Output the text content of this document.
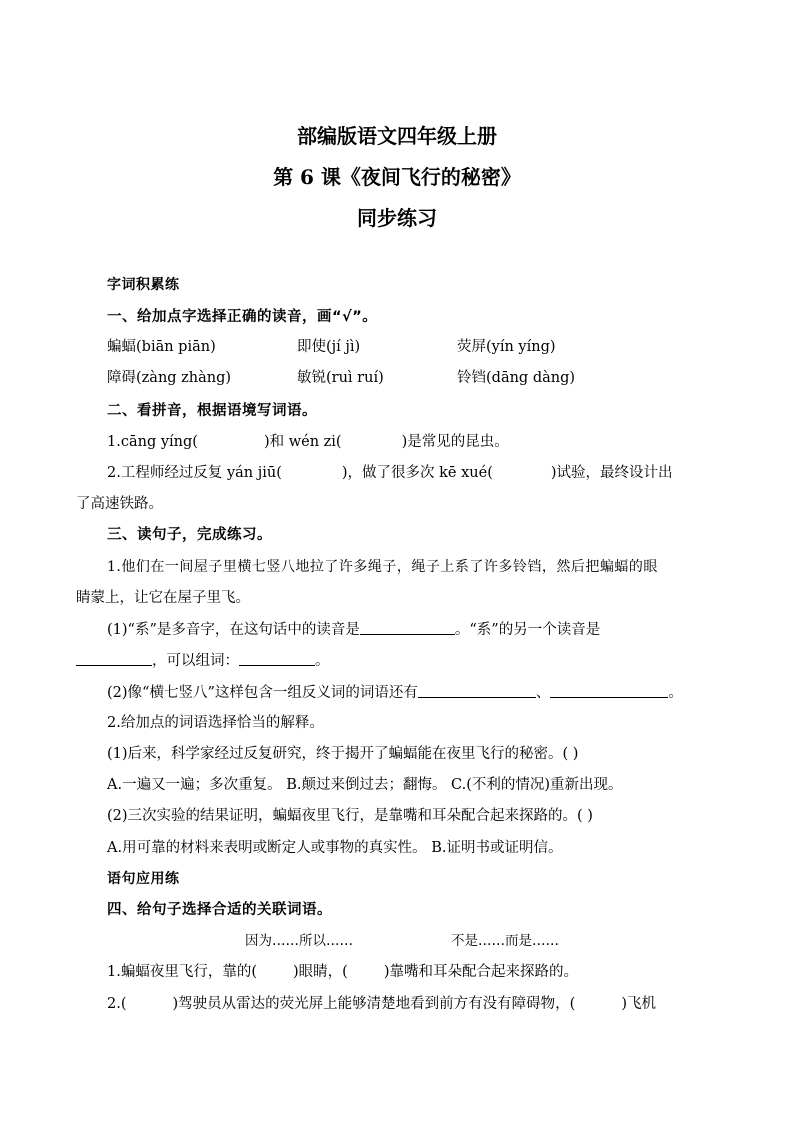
部编版语文四年级上册
第 6 课《夜间飞行的秘密》
同步练习
字词积累练
一、给加点字选择正确的读音，画“√”。
蝙蝠(biān piān)	即使(jí jì)	荧屏(yín yíng)
障碍(zàng zhàng)	敏锐(ruì ruí)	铃铛(dāng dàng)
二、看拼音，根据语境写词语。
1.cāng yíng(	)和 wén zi(	)是常见的昆虫。
2.工程师经过反复 yán jiū(	)，做了很多次 kē xué(	)试验，最终设计出
了高速铁路。
三、读句子，完成练习。
1.他们在一间屋子里横七竖八地拉了许多绳子，绳子上系了许多铃铛，然后把蝙蝠的眼
睛蒙上，让它在屋子里飞。
(1)“系”是多音字，在这句话中的读音是	。“系”的另一个读音是
，可以组词：	。
(2)像“横七竖八”这样包含一组反义词的词语还有	、	。
2.给加点的词语选择恰当的解释。
(1)后来，科学家经过反复研究，终于揭开了蝙蝠能在夜里飞行的秘密。( )
A.一遍又一遍；多次重复。 B.颠过来倒过去；翻悔。 C.(不利的情况)重新出现。
(2)三次实验的结果证明，蝙蝠夜里飞行，是靠嘴和耳朵配合起来探路的。( )
A.用可靠的材料来表明或断定人或事物的真实性。 B.证明书或证明信。
语句应用练
四、给句子选择合适的关联词语。
因为……所以……	不是……而是……
1.蝙蝠夜里飞行，靠的( )眼睛，( )靠嘴和耳朵配合起来探路的。
2.(	)驾驶员从雷达的荧光屏上能够清楚地看到前方有没有障碍物，(	)飞机
